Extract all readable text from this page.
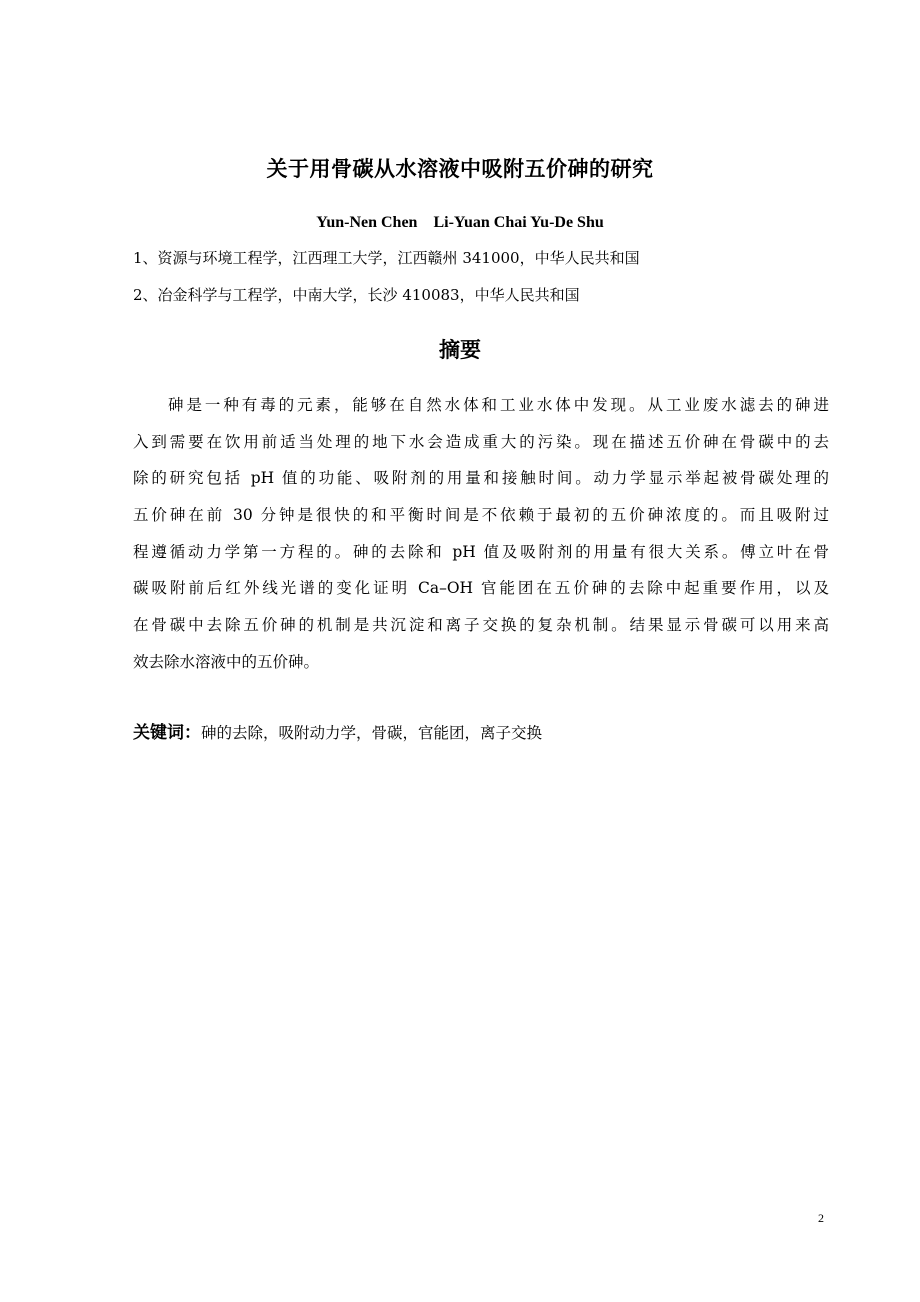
关于用骨碳从水溶液中吸附五价砷的研究
Yun-Nen Chen    Li-Yuan Chai Yu-De Shu
1、资源与环境工程学，江西理工大学，江西赣州 341000，中华人民共和国
2、冶金科学与工程学，中南大学，长沙 410083，中华人民共和国
摘要
砷是一种有毒的元素，能够在自然水体和工业水体中发现。从工业废水滤去的砷进
入到需要在饮用前适当处理的地下水会造成重大的污染。现在描述五价砷在骨碳中的去
除的研究包括 pH 值的功能、吸附剂的用量和接触时间。动力学显示举起被骨碳处理的
五价砷在前 30 分钟是很快的和平衡时间是不依赖于最初的五价砷浓度的。而且吸附过
程遵循动力学第一方程的。砷的去除和 pH 值及吸附剂的用量有很大关系。傅立叶在骨
碳吸附前后红外线光谱的变化证明 Ca–OH 官能团在五价砷的去除中起重要作用，以及
在骨碳中去除五价砷的机制是共沉淀和离子交换的复杂机制。结果显示骨碳可以用来高
效去除水溶液中的五价砷。
关键词：砷的去除，吸附动力学，骨碳，官能团，离子交换
2
